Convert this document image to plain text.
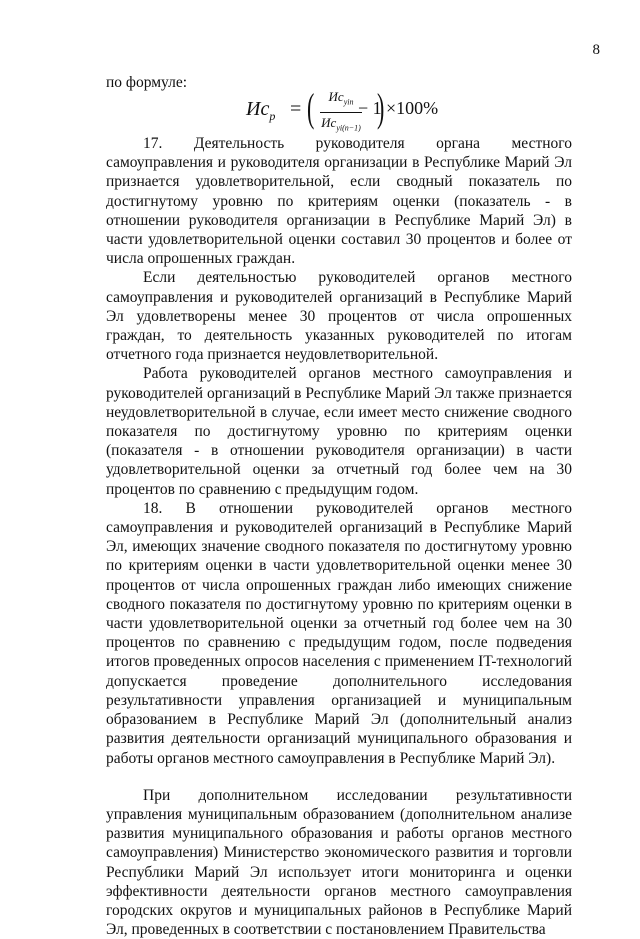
8
по формуле:
$Ис_р$ = (	$Ис_{уin}$
$Ис_{уi(n-1)}$
− 1
) ×100%

17. Деятельность руководителя органа местного самоуправления и руководителя организации в Республике Марий Эл признается удовлетворительной, если сводный показатель по достигнутому уровню по критериям оценки (показатель - в отношении руководителя организации в Республике Марий Эл) в части удовлетворительной оценки составил 30 процентов и более от числа опрошенных граждан.

Если деятельностью руководителей органов местного самоуправления и руководителей организаций в Республике Марий Эл удовлетворены менее 30 процентов от числа опрошенных граждан, то деятельность указанных руководителей по итогам отчетного года признается неудовлетворительной.

Работа руководителей органов местного самоуправления и руководителей организаций в Республике Марий Эл также признается неудовлетворительной в случае, если имеет место снижение сводного показателя по достигнутому уровню по критериям оценки (показателя - в отношении руководителя организации) в части удовлетворительной оценки за отчетный год более чем на 30 процентов по сравнению с предыдущим годом.

18. В отношении руководителей органов местного самоуправления и руководителей организаций в Республике Марий Эл, имеющих значение сводного показателя по достигнутому уровню по критериям оценки в части удовлетворительной оценки менее 30 процентов от числа опрошенных граждан либо имеющих снижение сводного показателя по достигнутому уровню по критериям оценки в части удовлетворительной оценки за отчетный год более чем на 30 процентов по сравнению с предыдущим годом, после подведения итогов проведенных опросов населения с применением IT-технологий допускается проведение дополнительного исследования результативности управления организацией и муниципальным образованием в Республике Марий Эл (дополнительный анализ развития деятельности организаций муниципального образования и работы органов местного самоуправления в Республике Марий Эл).

При дополнительном исследовании результативности управления муниципальным образованием (дополнительном анализе развития муниципального образования и работы органов местного самоуправления) Министерство экономического развития и торговли Республики Марий Эл использует итоги мониторинга и оценки эффективности деятельности органов местного самоуправления городских округов и муниципальных районов в Республике Марий Эл, проведенных в соответствии с постановлением Правительства
